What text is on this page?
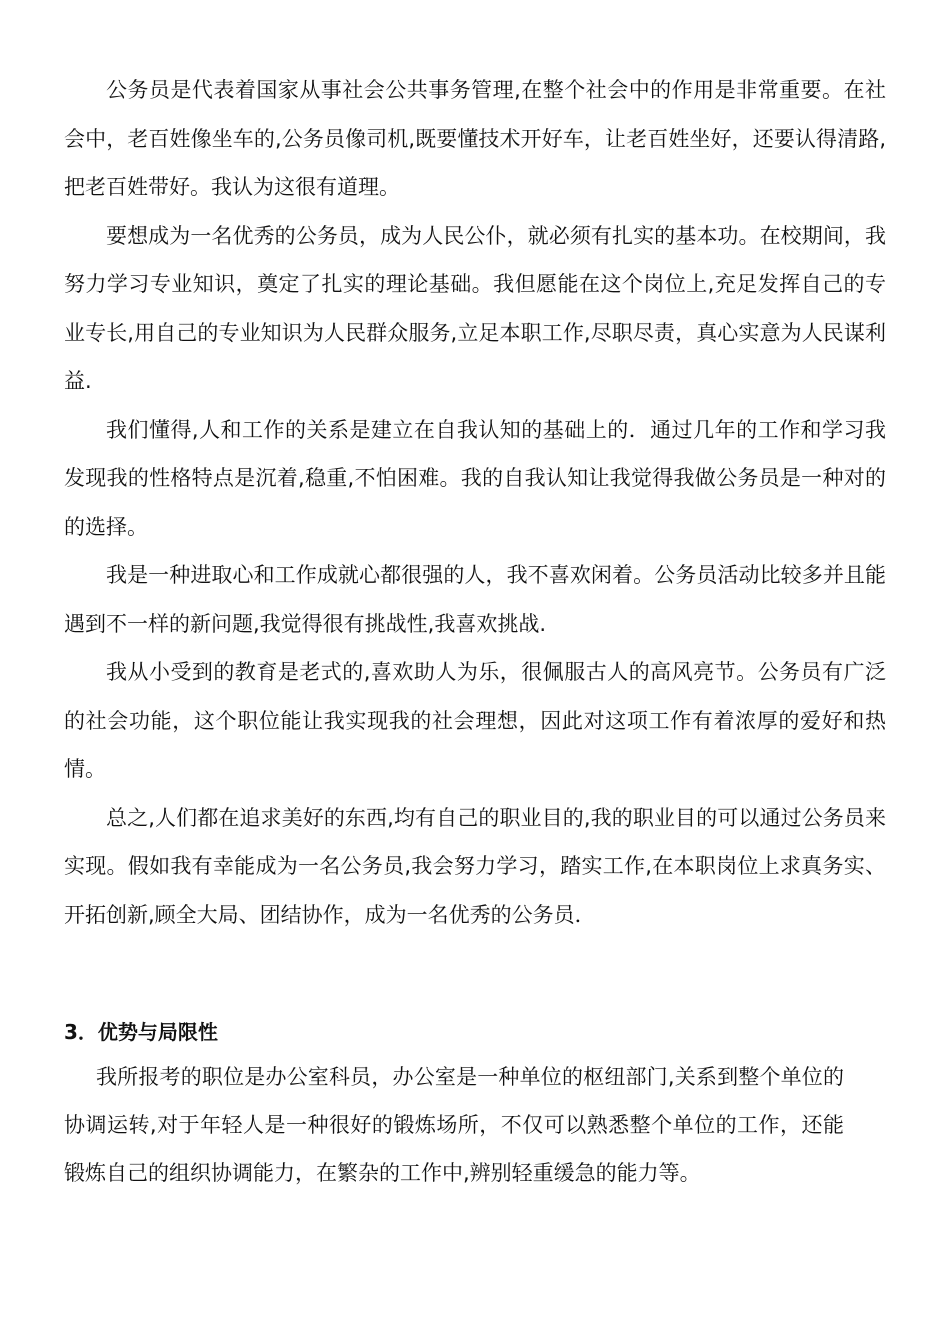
公务员是代表着国家从事社会公共事务管理,在整个社会中的作用是非常重要。在社会中，老百姓像坐车的,公务员像司机,既要懂技术开好车，让老百姓坐好，还要认得清路,把老百姓带好。我认为这很有道理。

要想成为一名优秀的公务员，成为人民公仆，就必须有扎实的基本功。在校期间，我努力学习专业知识，奠定了扎实的理论基础。我但愿能在这个岗位上,充足发挥自己的专业专长,用自己的专业知识为人民群众服务,立足本职工作,尽职尽责，真心实意为人民谋利益.

我们懂得,人和工作的关系是建立在自我认知的基础上的．通过几年的工作和学习我发现我的性格特点是沉着,稳重,不怕困难。我的自我认知让我觉得我做公务员是一种对的的选择。

我是一种进取心和工作成就心都很强的人，我不喜欢闲着。公务员活动比较多并且能遇到不一样的新问题,我觉得很有挑战性,我喜欢挑战.

我从小受到的教育是老式的,喜欢助人为乐，很佩服古人的高风亮节。公务员有广泛的社会功能，这个职位能让我实现我的社会理想，因此对这项工作有着浓厚的爱好和热情。

总之,人们都在追求美好的东西,均有自己的职业目的,我的职业目的可以通过公务员来实现。假如我有幸能成为一名公务员,我会努力学习，踏实工作,在本职岗位上求真务实、开拓创新,顾全大局、团结协作，成为一名优秀的公务员．

3．优势与局限性

我所报考的职位是办公室科员，办公室是一种单位的枢纽部门,关系到整个单位的协调运转,对于年轻人是一种很好的锻炼场所，不仅可以熟悉整个单位的工作，还能锻炼自己的组织协调能力，在繁杂的工作中,辨别轻重缓急的能力等。
